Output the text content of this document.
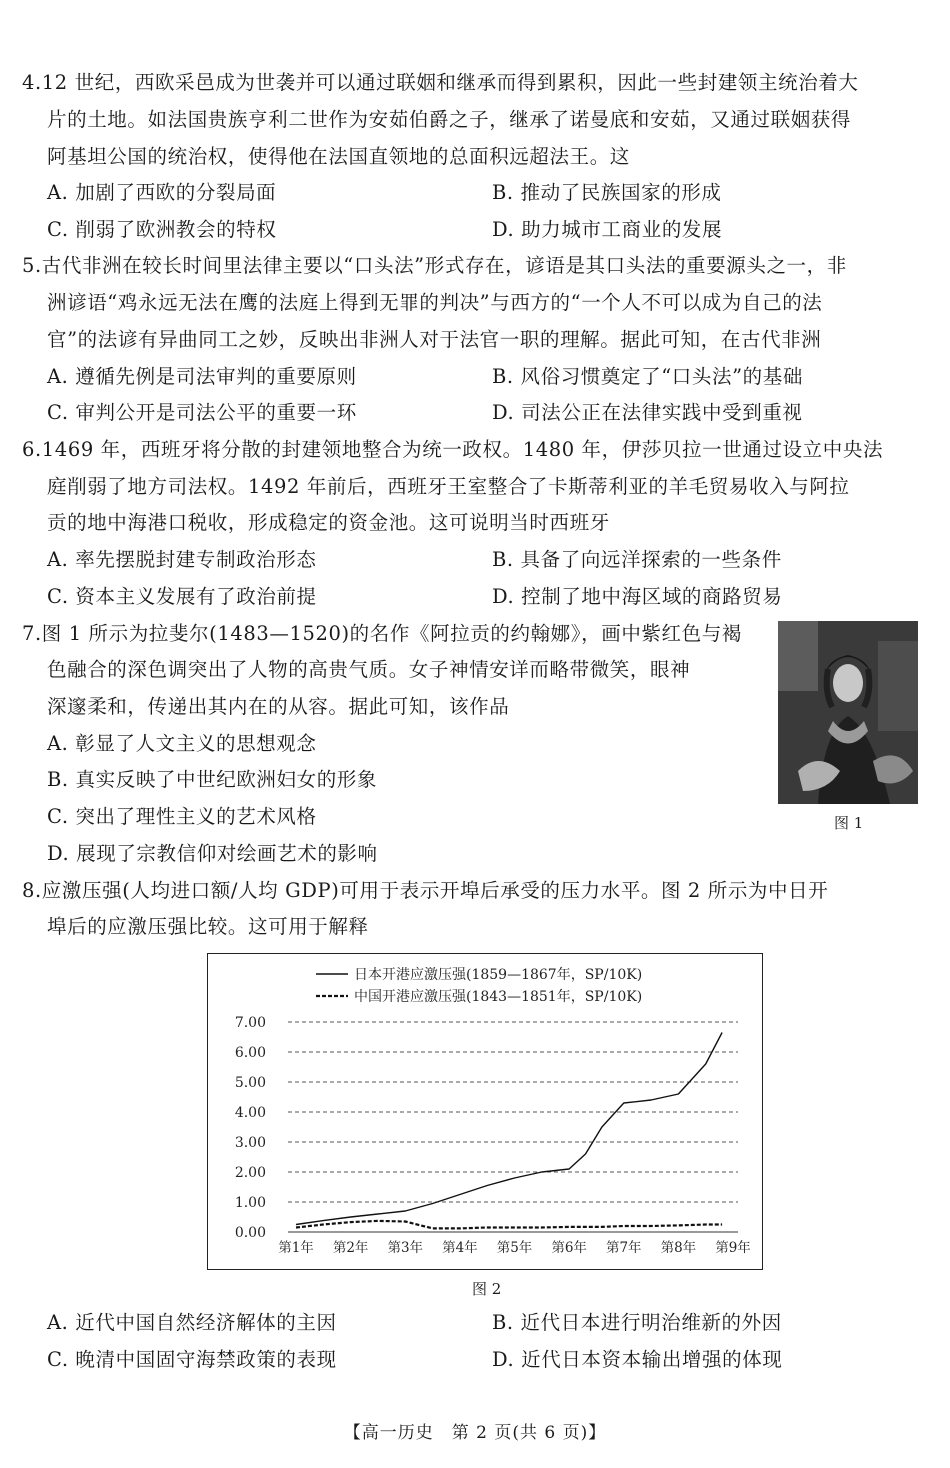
4.12 世纪，西欧采邑成为世袭并可以通过联姻和继承而得到累积，因此一些封建领主统治着大
片的土地。如法国贵族亨利二世作为安茹伯爵之子，继承了诺曼底和安茹，又通过联姻获得
阿基坦公国的统治权，使得他在法国直领地的总面积远超法王。这
A. 加剧了西欧的分裂局面	B. 推动了民族国家的形成
C. 削弱了欧洲教会的特权	D. 助力城市工商业的发展
5.古代非洲在较长时间里法律主要以“口头法”形式存在，谚语是其口头法的重要源头之一，非
洲谚语“鸡永远无法在鹰的法庭上得到无罪的判决”与西方的“一个人不可以成为自己的法
官”的法谚有异曲同工之妙，反映出非洲人对于法官一职的理解。据此可知，在古代非洲
A. 遵循先例是司法审判的重要原则	B. 风俗习惯奠定了“口头法”的基础
C. 审判公开是司法公平的重要一环	D. 司法公正在法律实践中受到重视
6.1469 年，西班牙将分散的封建领地整合为统一政权。1480 年，伊莎贝拉一世通过设立中央法
庭削弱了地方司法权。1492 年前后，西班牙王室整合了卡斯蒂利亚的羊毛贸易收入与阿拉
贡的地中海港口税收，形成稳定的资金池。这可说明当时西班牙
A. 率先摆脱封建专制政治形态	B. 具备了向远洋探索的一些条件
C. 资本主义发展有了政治前提	D. 控制了地中海区域的商路贸易
7.图 1 所示为拉斐尔(1483—1520)的名作《阿拉贡的约翰娜》，画中紫红色与褐
色融合的深色调突出了人物的高贵气质。女子神情安详而略带微笑，眼神
深邃柔和，传递出其内在的从容。据此可知，该作品
A. 彰显了人文主义的思想观念
B. 真实反映了中世纪欧洲妇女的形象
C. 突出了理性主义的艺术风格
D. 展现了宗教信仰对绘画艺术的影响
图 1
8.应激压强(人均进口额/人均 GDP)可用于表示开埠后承受的压力水平。图 2 所示为中日开
埠后的应激压强比较。这可用于解释
0.00
1.00
2.00
3.00
4.00
5.00
6.00
7.00
第1年 第2年 第3年 第4年 第5年 第6年 第7年 第8年 第9年
日本开港应激压强(1859—1867年，SP/10K)
中国开港应激压强(1843—1851年，SP/10K)
图 2
A. 近代中国自然经济解体的主因	B. 近代日本进行明治维新的外因
C. 晚清中国固守海禁政策的表现	D. 近代日本资本输出增强的体现
【高一历史　第 2 页(共 6 页)】
